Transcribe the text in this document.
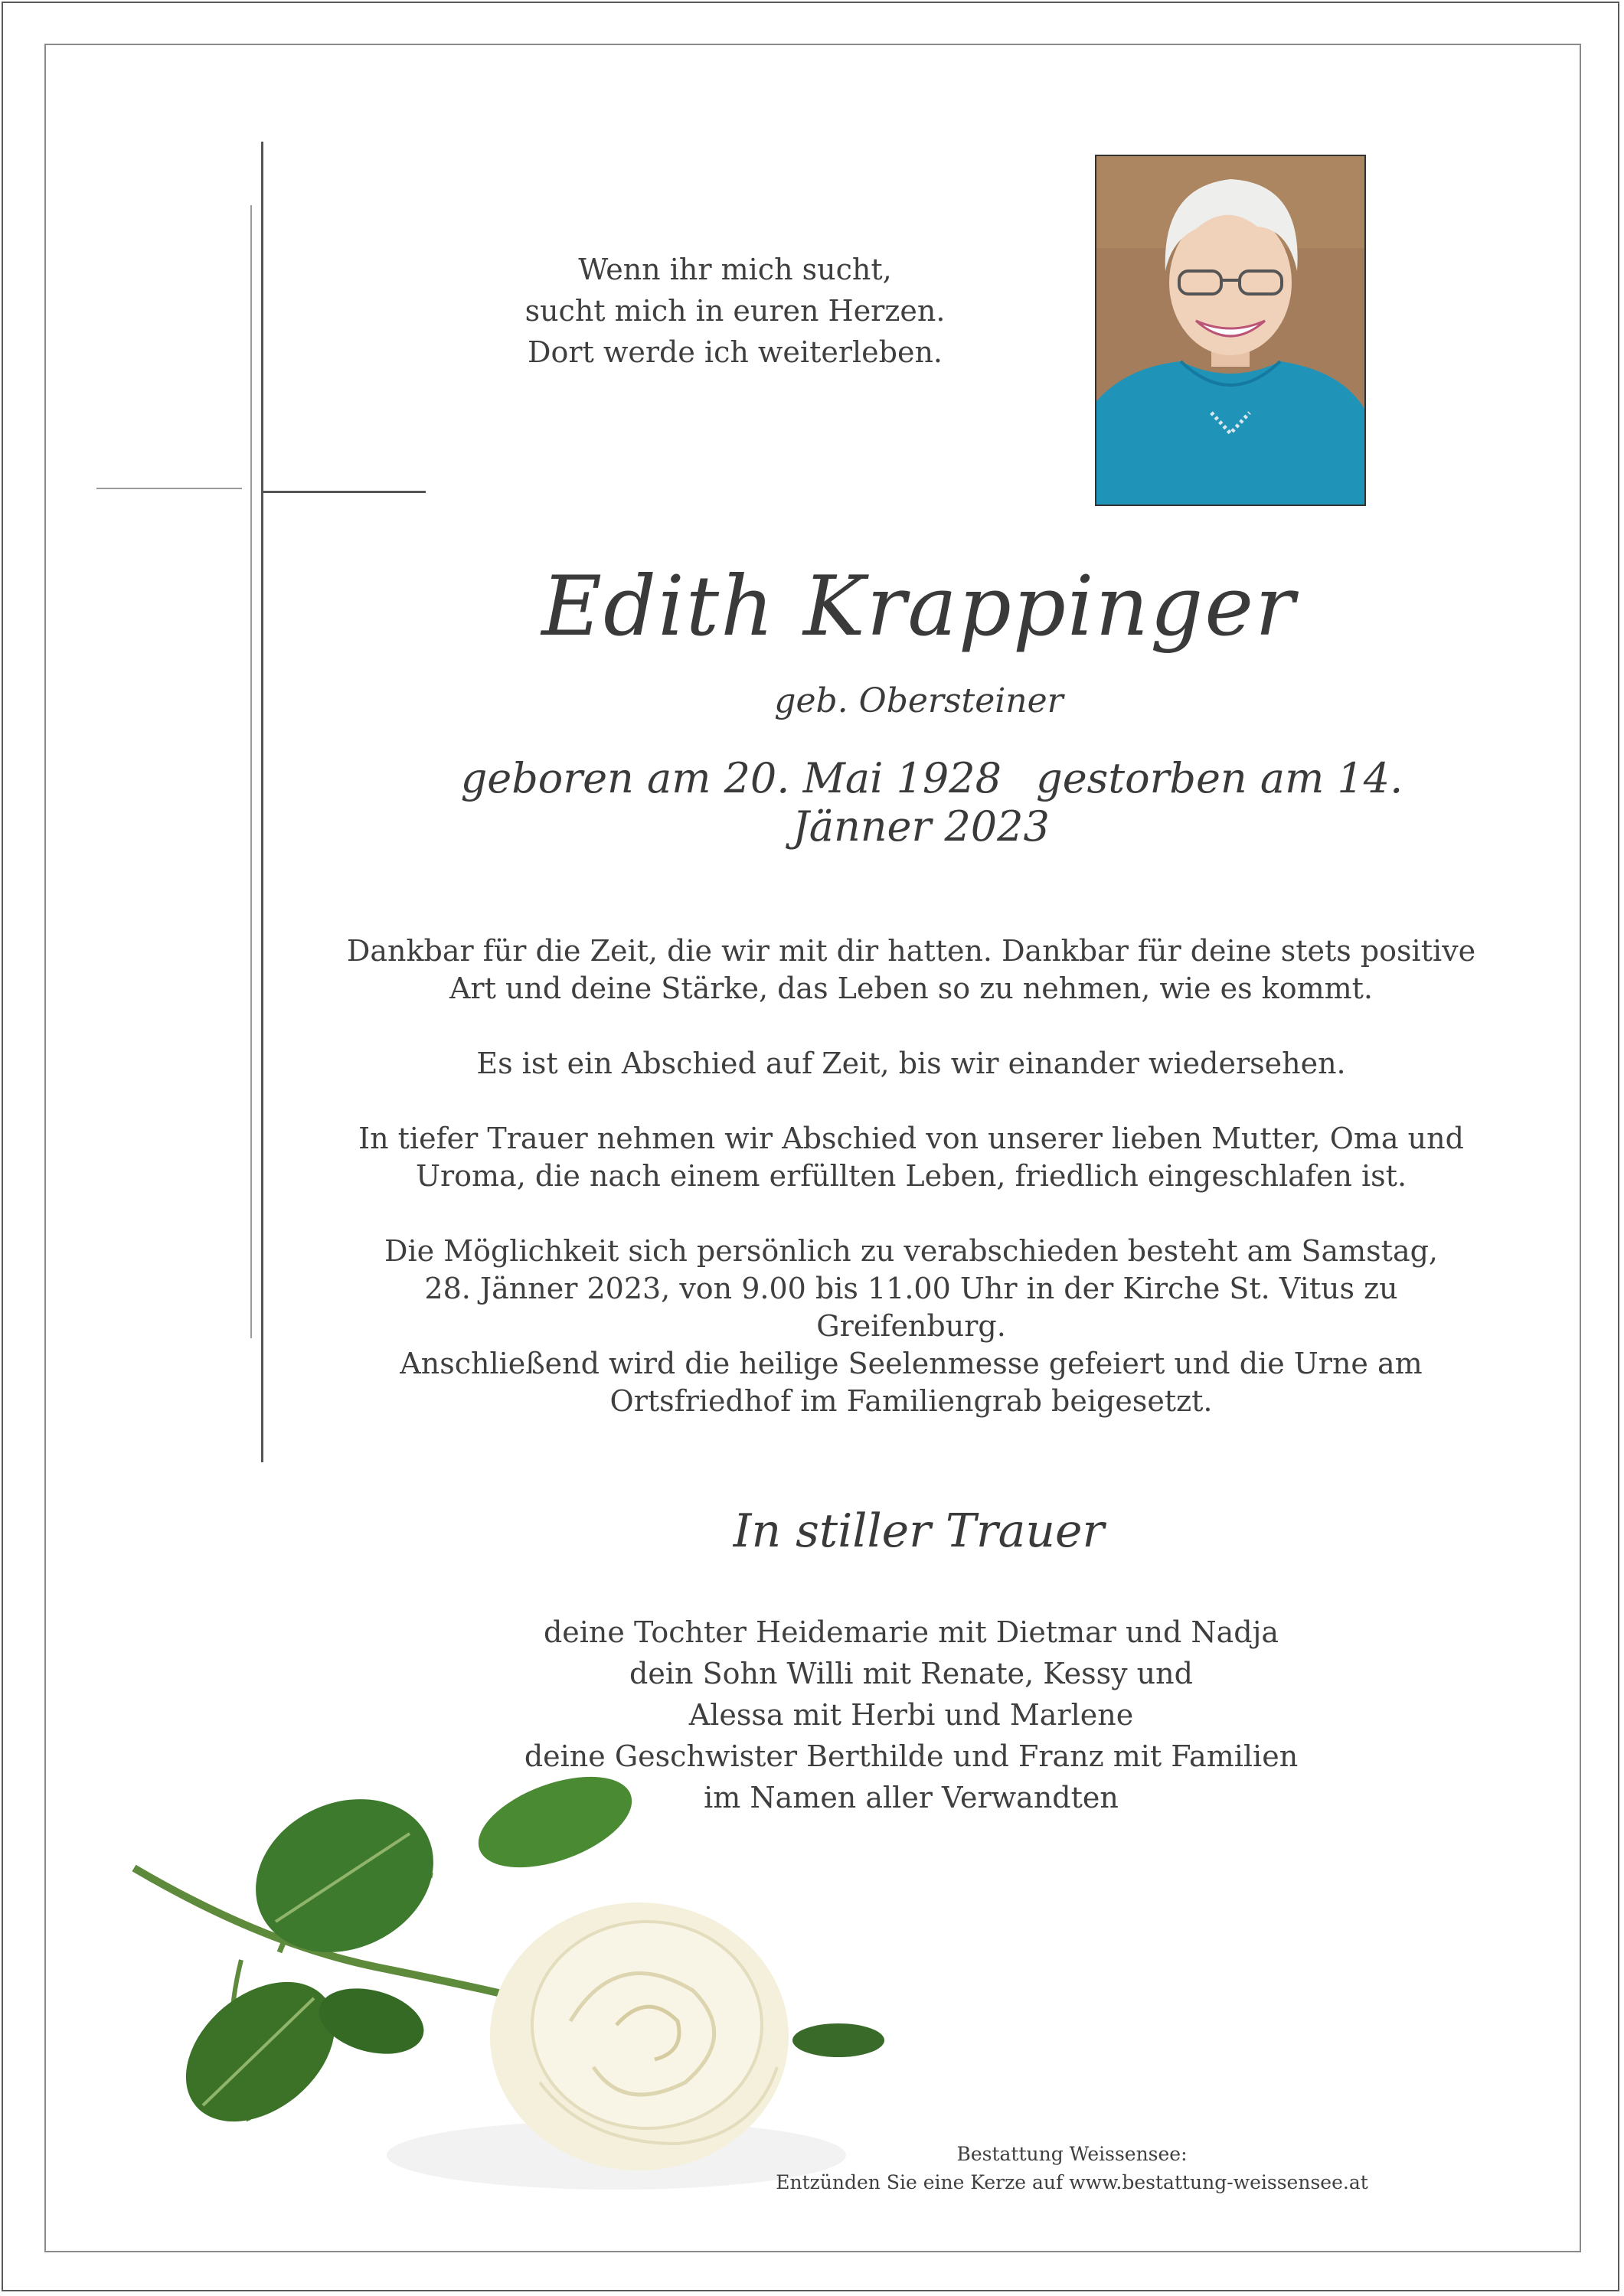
Wenn ihr mich sucht,
sucht mich in euren Herzen.
Dort werde ich weiterleben.
Edith Krappinger
geb. Obersteiner
geboren am 20. Mai 1928 gestorben am 14. Jänner 2023

Dankbar für die Zeit, die wir mit dir hatten. Dankbar für deine stets positive
Art und deine Stärke, das Leben so zu nehmen, wie es kommt.

Es ist ein Abschied auf Zeit, bis wir einander wiedersehen.

In tiefer Trauer nehmen wir Abschied von unserer lieben Mutter, Oma und
Uroma, die nach einem erfüllten Leben, friedlich eingeschlafen ist.

Die Möglichkeit sich persönlich zu verabschieden besteht am Samstag,
28. Jänner 2023, von 9.00 bis 11.00 Uhr in der Kirche St. Vitus zu Greifenburg.
Anschließend wird die heilige Seelenmesse gefeiert und die Urne am
Ortsfriedhof im Familiengrab beigesetzt.

In stiller Trauer
deine Tochter Heidemarie mit Dietmar und Nadja
dein Sohn Willi mit Renate, Kessy und
Alessa mit Herbi und Marlene
deine Geschwister Berthilde und Franz mit Familien
im Namen aller Verwandten
Bestattung Weissensee:
Entzünden Sie eine Kerze auf www.bestattung-weissensee.at
